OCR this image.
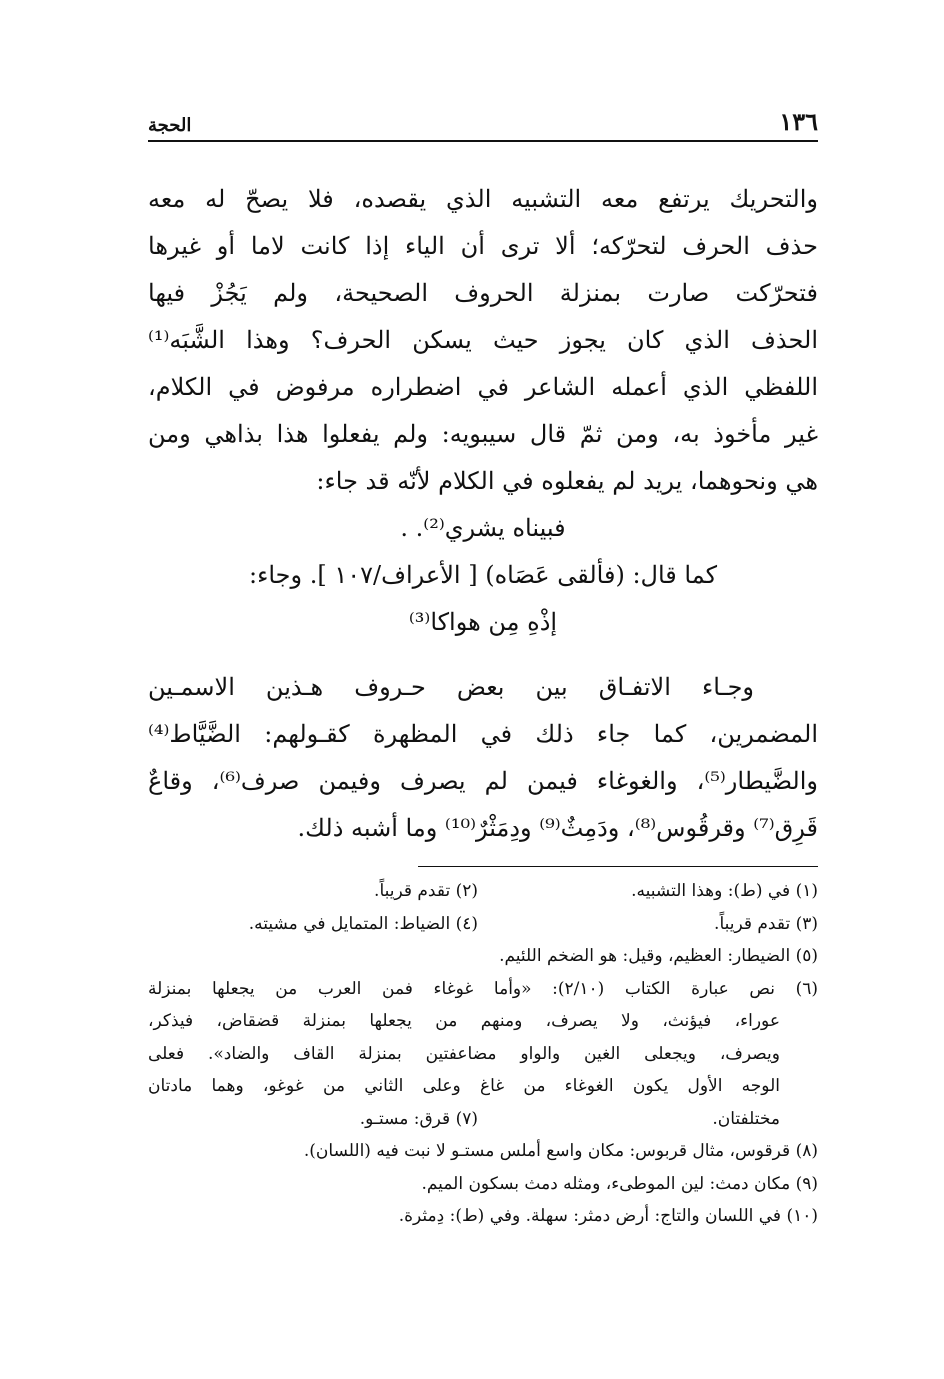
١٣٦
الحجة
والتحريك يرتفع معه التشبيه الذي يقصده، فلا يصحّ له معه
حذف الحرف لتحرّكه؛ ألا ترى أن الياء إذا كانت لاما أو غيرها
فتحرّكت صارت بمنزلة الحروف الصحيحة، ولم يَجُزْ فيها
الحذف الذي كان يجوز حيث يسكن الحرف؟ وهذا الشَّبَه⁽¹⁾
اللفظي الذي أعمله الشاعر في اضطراره مرفوض في الكلام،
غير مأخوذ به، ومن ثمّ قال سيبويه: ولم يفعلوا هذا بذاهي ومن
هي ونحوهما، يريد لم يفعلوه في الكلام لأنّه قد جاء:
فبيناه يشري⁽²⁾. .
كما قال: (فألقى عَصَاه) [ الأعراف/١٠٧ ]. وجاء:
إذْهِ مِن هواكا⁽³⁾
وجـاء الاتفـاق بين بعض حـروف هـذين الاسمـين
المضمرين، كما جاء ذلك في المظهرة كقـولهم: الضَّيَّاط⁽⁴⁾
والضَّيطار⁽⁵⁾، والغوغاء فيمن لم يصرف وفيمن صرف⁽⁶⁾، وقاعٌ
قَرِق⁽⁷⁾ وقرقُوس⁽⁸⁾، ودَمِثٌ⁽⁹⁾ ودِمَثْرٌ⁽¹⁰⁾ وما أشبه ذلك.
(١) في (ط): وهذا التشبيه.
(٢) تقدم قريباً.
(٣) تقدم قريباً.
(٤) الضياط: المتمايل في مشيته.
(٥) الضيطار: العظيم، وقيل: هو الضخم اللئيم.
(٦) نص عبارة الكتاب (٢/١٠): «وأما غوغاء فمن العرب من يجعلها بمنزلة
عوراء، فيؤنث، ولا يصرف، ومنهم من يجعلها بمنزلة قضقاض، فيذكر،
ويصرف، ويجعلى الغين والواو مضاعفتين بمنزلة القاف والضاد». فعلى
الوجه الأول يكون الغوغاء من غاغ وعلى الثاني من غوغو، وهما مادتان
مختلفتان.
(٧) قرق: مستـو.
(٨) قرقوس، مثال قربوس: مكان واسع أملس مستـو لا نبت فيه (اللسان).
(٩) مكان دمث: لين الموطىء، ومثله دمث بسكون الميم.
(١٠) في اللسان والتاج: أرض دمثر: سهلة. وفي (ط): دِمثرة.
